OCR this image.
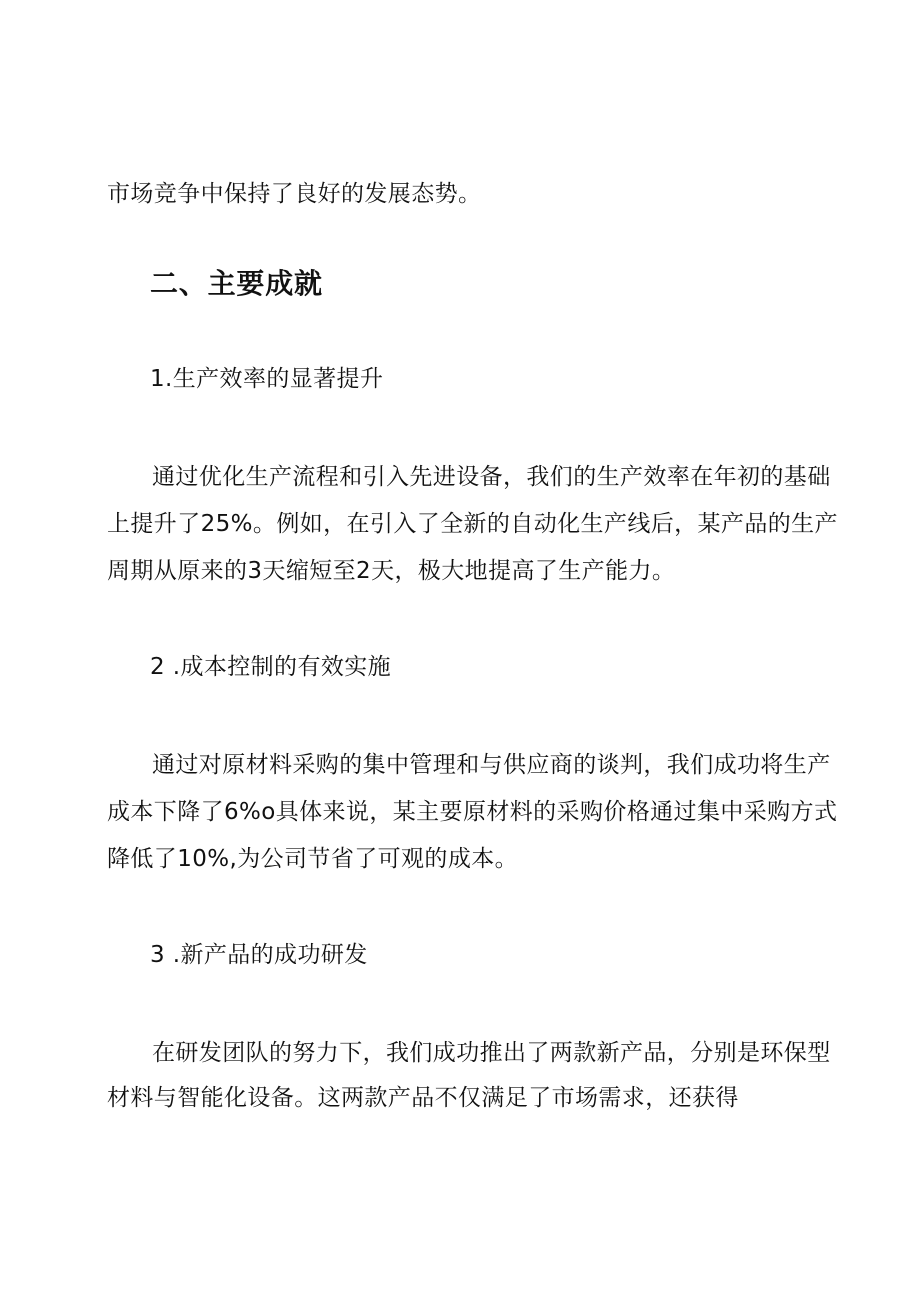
市场竞争中保持了良好的发展态势。
二、主要成就
1.生产效率的显著提升
通过优化生产流程和引入先进设备，我们的生产效率在年初的基础
上提升了25%。例如，在引入了全新的自动化生产线后，某产品的生产
周期从原来的3天缩短至2天，极大地提高了生产能力。
2 .成本控制的有效实施
通过对原材料采购的集中管理和与供应商的谈判，我们成功将生产
成本下降了6%o具体来说，某主要原材料的采购价格通过集中采购方式
降低了10%,为公司节省了可观的成本。
3 .新产品的成功研发
在研发团队的努力下，我们成功推出了两款新产品，分别是环保型
材料与智能化设备。这两款产品不仅满足了市场需求，还获得
